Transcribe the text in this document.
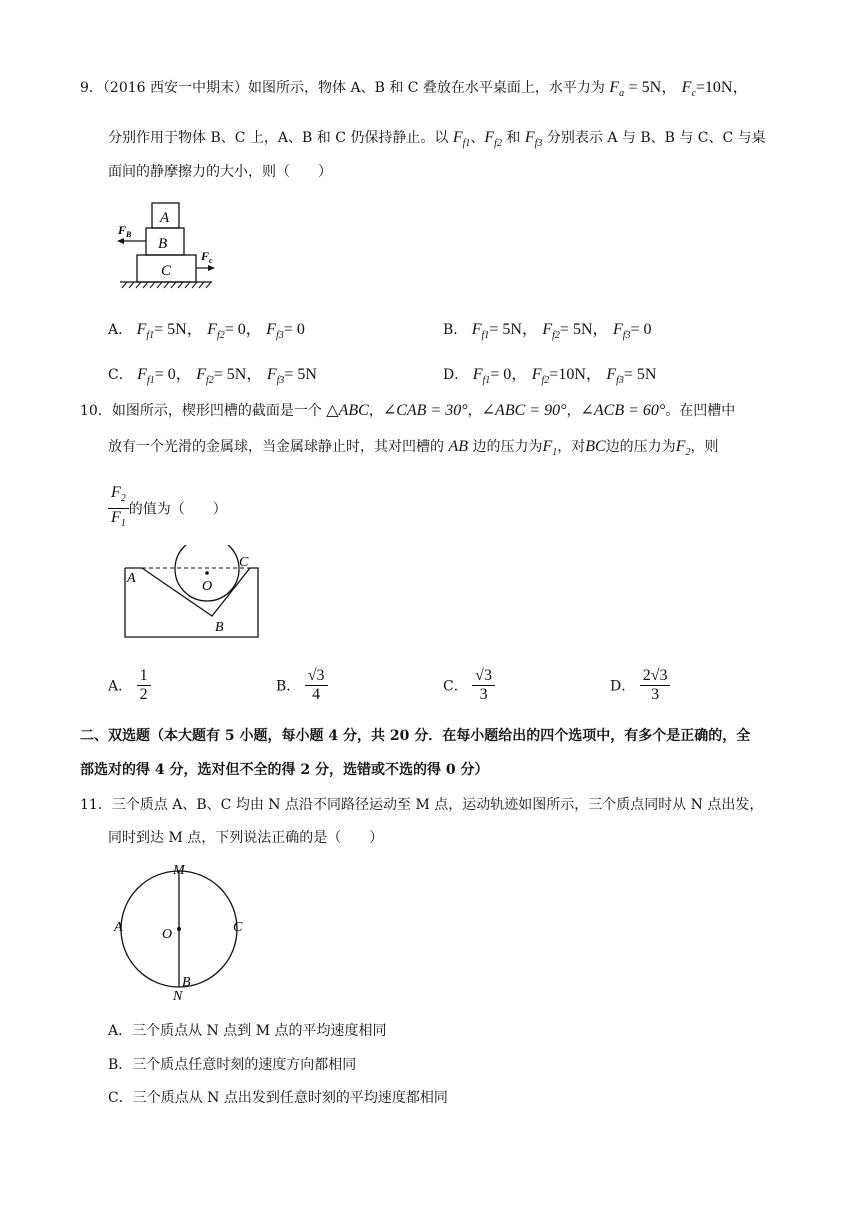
9．（2016 西安一中期末）如图所示，物体 A、B 和 C 叠放在水平桌面上，水平力为 $F_a = 5N$， $F_c=10N$，
分别作用于物体 B、C 上，A、B 和 C 仍保持静止。以 $F_{f1}$、$F_{f2}$ 和 $F_{f3}$ 分别表示 A 与 B、B 与 C、C 与桌
面间的静摩擦力的大小，则（　　）
A
B
C
$F_B$
$F_c$
A． $F_{f1}= 5N$， $F_{f2}= 0$， $F_{f3}= 0$	B． $F_{f1}= 5N$， $F_{f2}= 5N$， $F_{f3}= 0$
C． $F_{f1}= 0$， $F_{f2}= 5N$， $F_{f3}= 5N$	D． $F_{f1}= 0$， $F_{f2}=10N$， $F_{f3}= 5N$
10．如图所示，楔形凹槽的截面是一个 △ABC，∠CAB = 30°，∠ABC = 90°，∠ACB = 60°。在凹槽中
放有一个光滑的金属球，当金属球静止时，其对凹槽的 AB 边的压力为$F_1$，对BC边的压力为$F_2$，则
$\frac{F_2}{F_1}$ 的值为（　　）
A
B
C
O
A． $\frac{1}{2}$	B． $\frac{√3}{4}$	C． $\frac{√3}{3}$	D． $\frac{2√3}{3}$
二、双选题（本大题有 5 小题，每小题 4 分，共 20 分．在每小题给出的四个选项中，有多个是正确的，全
部选对的得 4 分，选对但不全的得 2 分，选错或不选的得 0 分）
11．三个质点 A、B、C 均由 N 点沿不同路径运动至 M 点，运动轨迹如图所示，三个质点同时从 N 点出发，
同时到达 M 点，下列说法正确的是（　　）
M
A	O	C
B
N
A．三个质点从 N 点到 M 点的平均速度相同
B．三个质点任意时刻的速度方向都相同
C．三个质点从 N 点出发到任意时刻的平均速度都相同
